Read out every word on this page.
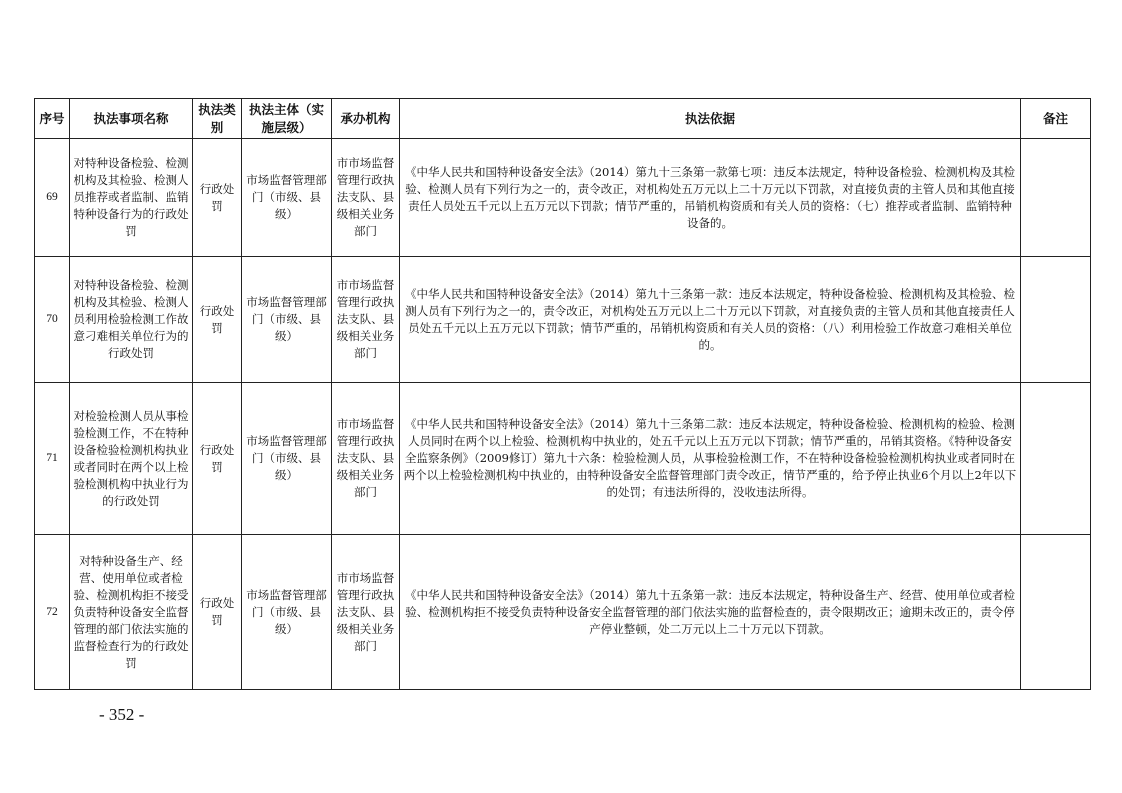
序号	执法事项名称	执法类别	执法主体（实施层级）	承办机构	执法依据	备注
69	对特种设备检验、检测机构及其检验、检测人员推荐或者监制、监销特种设备行为的行政处罚	行政处罚	市场监督管理部门（市级、县级）	市市场监督管理行政执法支队、县级相关业务部门	《中华人民共和国特种设备安全法》（2014）第九十三条第一款第七项：违反本法规定，特种设备检验、检测机构及其检验、检测人员有下列行为之一的，责令改正，对机构处五万元以上二十万元以下罚款，对直接负责的主管人员和其他直接责任人员处五千元以上五万元以下罚款；情节严重的，吊销机构资质和有关人员的资格：（七）推荐或者监制、监销特种设备的。	
70	对特种设备检验、检测机构及其检验、检测人员利用检验检测工作故意刁难相关单位行为的行政处罚	行政处罚	市场监督管理部门（市级、县级）	市市场监督管理行政执法支队、县级相关业务部门	《中华人民共和国特种设备安全法》（2014）第九十三条第一款：违反本法规定，特种设备检验、检测机构及其检验、检测人员有下列行为之一的，责令改正，对机构处五万元以上二十万元以下罚款，对直接负责的主管人员和其他直接责任人员处五千元以上五万元以下罚款；情节严重的，吊销机构资质和有关人员的资格：（八）利用检验工作故意刁难相关单位的。	
71	对检验检测人员从事检验检测工作，不在特种设备检验检测机构执业或者同时在两个以上检验检测机构中执业行为的行政处罚	行政处罚	市场监督管理部门（市级、县级）	市市场监督管理行政执法支队、县级相关业务部门	《中华人民共和国特种设备安全法》（2014）第九十三条第二款：违反本法规定，特种设备检验、检测机构的检验、检测人员同时在两个以上检验、检测机构中执业的，处五千元以上五万元以下罚款；情节严重的，吊销其资格。《特种设备安全监察条例》（2009修订）第九十六条：检验检测人员，从事检验检测工作，不在特种设备检验检测机构执业或者同时在两个以上检验检测机构中执业的，由特种设备安全监督管理部门责令改正，情节严重的，给予停止执业6个月以上2年以下的处罚；有违法所得的，没收违法所得。	
72	对特种设备生产、经营、使用单位或者检验、检测机构拒不接受负责特种设备安全监督管理的部门依法实施的监督检查行为的行政处罚	行政处罚	市场监督管理部门（市级、县级）	市市场监督管理行政执法支队、县级相关业务部门	《中华人民共和国特种设备安全法》（2014）第九十五条第一款：违反本法规定，特种设备生产、经营、使用单位或者检验、检测机构拒不接受负责特种设备安全监督管理的部门依法实施的监督检查的，责令限期改正；逾期未改正的，责令停产停业整顿，处二万元以上二十万元以下罚款。	
- 352 -
